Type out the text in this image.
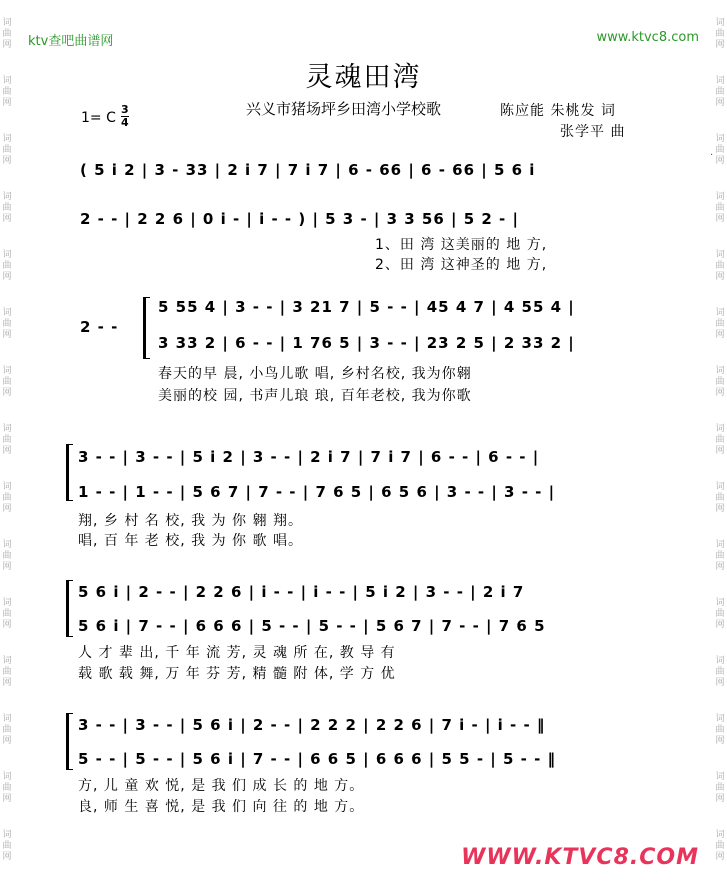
词
曲
网
词
曲
网
词
曲
网
词
曲
网
词
曲
网
词
曲
网
词
曲
网
词
曲
网
词
曲
网
词
曲
网
词
曲
网
词
曲
网
词
曲
网
词
曲
网
词
曲
网
词
曲
网
词
曲
网
词
曲
网
词
曲
网
词
曲
网
词
曲
网
词
曲
网
词
曲
网
词
曲
网
词
曲
网
词
曲
网
词
曲
网
词
曲
网
词
曲
网
词
曲
网
ktv查吧曲谱网	www.ktvc8.com
灵魂田湾
兴义市猪场坪乡田湾小学校歌	陈应能 朱桃发 词
张学平 曲
1= C
3
4
·
( 5 i 2 | 3 - 33 | 2 i 7 | 7 i 7 | 6 - 66 | 6 - 66 | 5 6 i
2 - - | 2 2 6 | 0 i - | i - - ) | 5 3 - | 3 3 56 | 5 2 - |
1、田 湾 这美丽的 地 方,
2、田 湾 这神圣的 地 方,
2 - -
5 55 4 | 3 - - | 3 21 7 | 5 - - | 45 4 7 | 4 55 4 |
3 33 2 | 6 - - | 1 76 5 | 3 - - | 23 2 5 | 2 33 2 |
春天的早 晨, 小鸟儿歌 唱, 乡村名校, 我为你翱
美丽的校 园, 书声儿琅 琅, 百年老校, 我为你歌
3 - - | 3 - - | 5 i 2 | 3 - - | 2 i 7 | 7 i 7 | 6 - - | 6 - - |
1 - - | 1 - - | 5 6 7 | 7 - - | 7 6 5 | 6 5 6 | 3 - - | 3 - - |
翔, 乡 村 名 校, 我 为 你 翱 翔。
唱, 百 年 老 校, 我 为 你 歌 唱。
5 6 i | 2 - - | 2 2 6 | i - - | i - - | 5 i 2 | 3 - - | 2 i 7
5 6 i | 7 - - | 6 6 6 | 5 - - | 5 - - | 5 6 7 | 7 - - | 7 6 5
人 才 辈 出, 千 年 流 芳, 灵 魂 所 在, 教 导 有
载 歌 载 舞, 万 年 芬 芳, 精 髓 附 体, 学 方 优
3 - - | 3 - - | 5 6 i | 2 - - | 2 2 2 | 2 2 6 | 7 i - | i - - ‖
5 - - | 5 - - | 5 6 i | 7 - - | 6 6 5 | 6 6 6 | 5 5 - | 5 - - ‖
方, 儿 童 欢 悦, 是 我 们 成 长 的 地 方。
良, 师 生 喜 悦, 是 我 们 向 往 的 地 方。
WWW.KTVC8.COM
